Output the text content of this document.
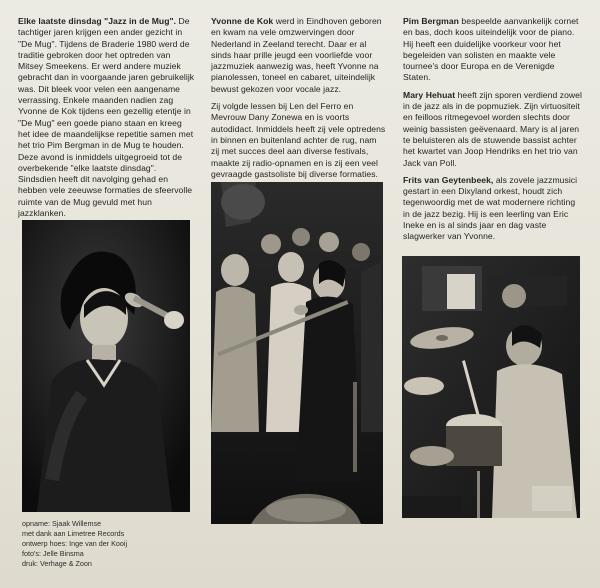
Elke laatste dinsdag "Jazz in de Mug". De tachtiger jaren krijgen een ander gezicht in "De Mug". Tijdens de Braderie 1980 werd de traditie gebroken door het optreden van Mitsey Smeekens. Er werd andere muziek gebracht dan in voorgaande jaren gebruikelijk was. Dit bleek voor velen een aangename verrassing. Enkele maanden nadien zag Yvonne de Kok tijdens een gezellig etentje in "De Mug" een goede piano staan en kreeg het idee de maandelijkse repetitie samen met het trio Pim Bergman in de Mug te houden. Deze avond is inmiddels uitgegroeid tot de overbekende "elke laatste dinsdag". Sindsdien heeft dit navolging gehad en hebben vele zeeuwse formaties de sfeervolle ruimte van de Mug gevuld met hun jazzklanken.

Yvonne de Kok werd in Eindhoven geboren en kwam na vele omzwervingen door Nederland in Zeeland terecht. Daar er al sinds haar prille jeugd een voorliefde voor jazzmuziek aanwezig was, heeft Yvonne na pianolessen, toneel en cabaret, uiteindelijk bewust gekozen voor vocale jazz.

Zij volgde lessen bij Len del Ferro en Mevrouw Dany Zonewa en is voorts autodidact. Inmiddels heeft zij vele optredens in binnen en buitenland achter de rug, nam zij met succes deel aan diverse festivals, maakte zij radio-opnamen en is zij een veel gevraagde gastsoliste bij diverse formaties.

Pim Bergman bespeelde aanvankelijk cornet en bas, doch koos uiteindelijk voor de piano. Hij heeft een duidelijke voorkeur voor het begeleiden van solisten en maakte vele tournee's door Europa en de Verenigde Staten.

Mary Hehuat heeft zijn sporen verdiend zowel in de jazz als in de popmuziek. Zijn virtuositeit en feilloos ritmegevoel worden slechts door weinig bassisten geëvenaard. Mary is al jaren te beluisteren als de stuwende bassist achter het kwartet van Joop Hendriks en het trio van Jack van Poll.

Frits van Geytenbeek, als zovele jazzmusici gestart in een Dixyland orkest, houdt zich tegenwoordig met de wat modernere richting in de jazz bezig. Hij is een leerling van Eric Ineke en is al sinds jaar en dag vaste slagwerker van Yvonne.

opname: Sjaak Willemse
met dank aan Limetree Records
ontwerp hoes: Inge van der Kooij
foto's: Jelle Binsma
druk: Verhage & Zoon
